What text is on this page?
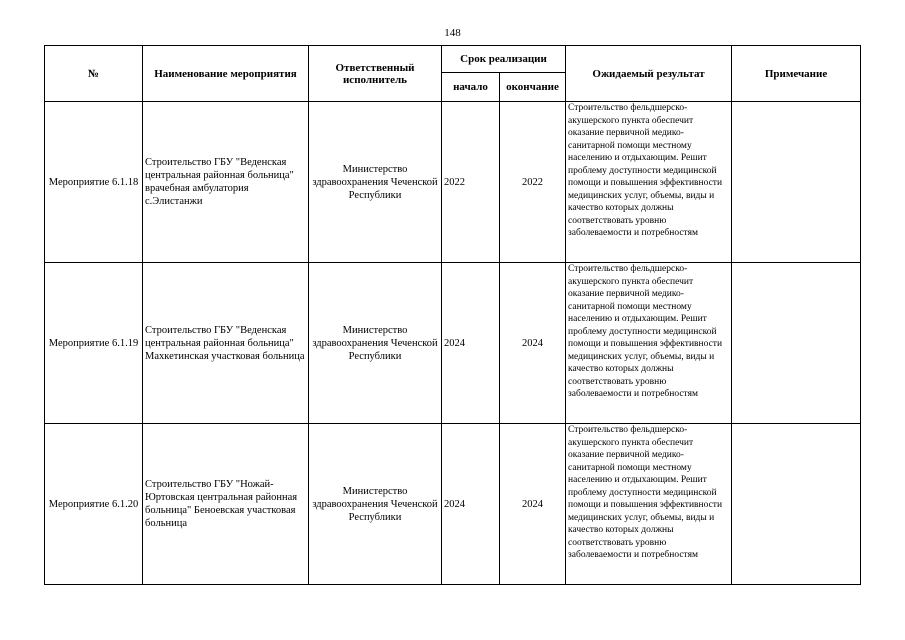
148
№	Наименование мероприятия	Ответственный исполнитель	Срок реализации		Ожидаемый результат	Примечание
			начало	окончание		
Мероприятие 6.1.18	Строительство ГБУ "Веденская центральная районная больница" врачебная амбулатория с.Элистанжи	Министерство здравоохранения Чеченской Республики	2022	2022	Строительство фельдшерско-акушерского пункта обеспечит оказание первичной медико-санитарной помощи местному населению и отдыхающим. Решит проблему доступности медицинской помощи и повышения эффективности медицинских услуг, объемы, виды и качество которых должны соответствовать уровню заболеваемости и потребностям	

Мероприятие 6.1.19	Строительство ГБУ "Веденская центральная районная больница" Махкетинская участковая больница	Министерство здравоохранения Чеченской Республики	2024	2024	Строительство фельдшерско-акушерского пункта обеспечит оказание первичной медико-санитарной помощи местному населению и отдыхающим. Решит проблему доступности медицинской помощи и повышения эффективности медицинских услуг, объемы, виды и качество которых должны соответствовать уровню заболеваемости и потребностям	

Мероприятие 6.1.20	Строительство ГБУ "Ножай-Юртовская центральная районная больница" Беноевская участковая больница	Министерство здравоохранения Чеченской Республики	2024	2024	Строительство фельдшерско-акушерского пункта обеспечит оказание первичной медико-санитарной помощи местному населению и отдыхающим. Решит проблему доступности медицинской помощи и повышения эффективности медицинских услуг, объемы, виды и качество которых должны соответствовать уровню заболеваемости и потребностям	
